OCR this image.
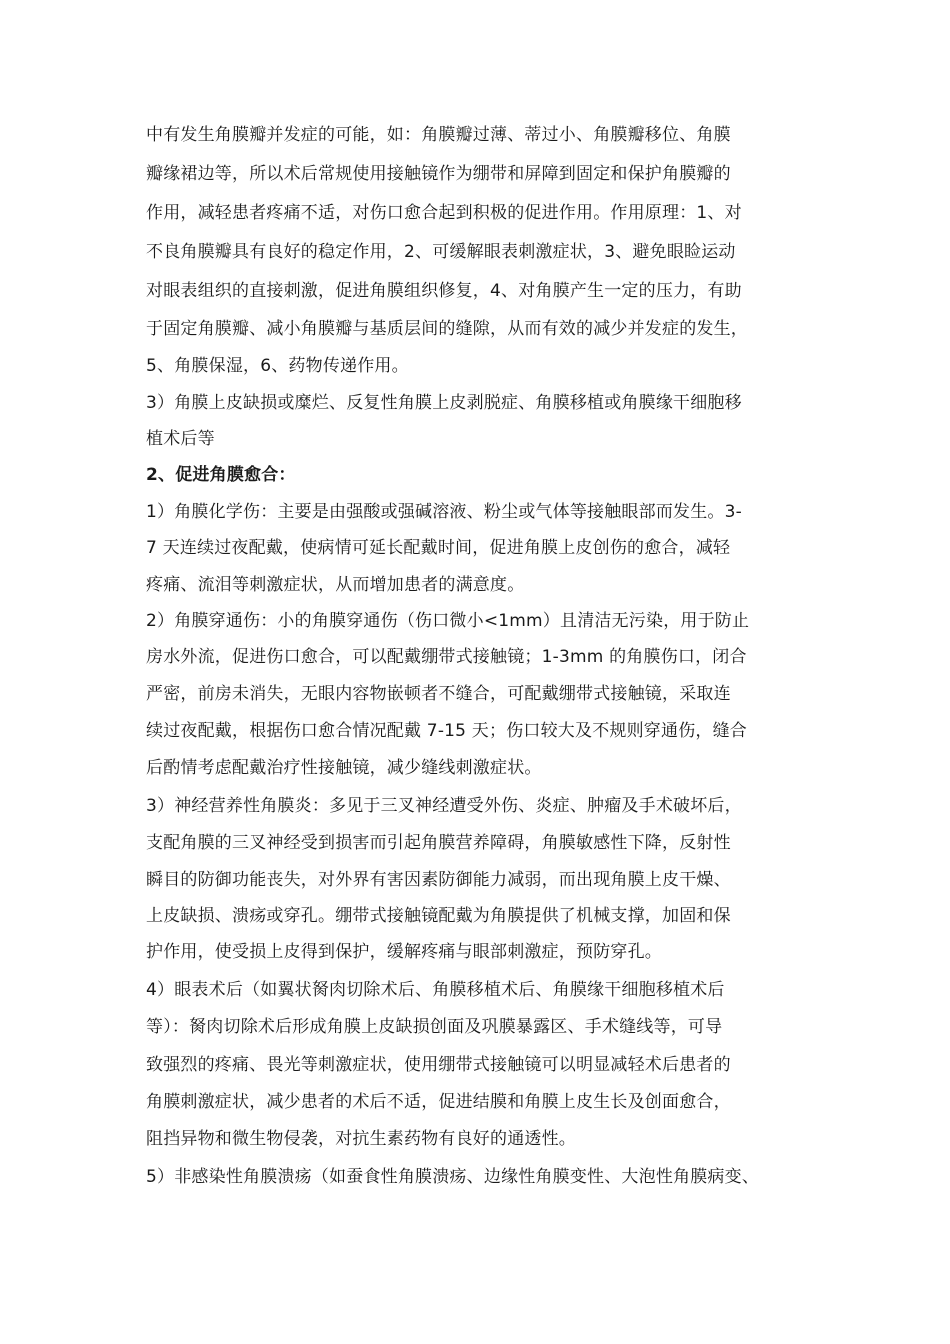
中有发生角膜瓣并发症的可能，如：角膜瓣过薄、蒂过小、角膜瓣移位、角膜
瓣缘裙边等，所以术后常规使用接触镜作为绷带和屏障到固定和保护角膜瓣的
作用，减轻患者疼痛不适，对伤口愈合起到积极的促进作用。作用原理：1、对
不良角膜瓣具有良好的稳定作用，2、可缓解眼表刺激症状，3、避免眼睑运动
对眼表组织的直接刺激，促进角膜组织修复，4、对角膜产生一定的压力，有助
于固定角膜瓣、减小角膜瓣与基质层间的缝隙，从而有效的减少并发症的发生，
5、角膜保湿，6、药物传递作用。
3）角膜上皮缺损或糜烂、反复性角膜上皮剥脱症、角膜移植或角膜缘干细胞移
植术后等
2、促进角膜愈合：
1）角膜化学伤：主要是由强酸或强碱溶液、粉尘或气体等接触眼部而发生。3-
7 天连续过夜配戴，使病情可延长配戴时间，促进角膜上皮创伤的愈合，减轻
疼痛、流泪等刺激症状，从而增加患者的满意度。
2）角膜穿通伤：小的角膜穿通伤（伤口微小<1mm）且清洁无污染，用于防止
房水外流，促进伤口愈合，可以配戴绷带式接触镜；1-3mm 的角膜伤口，闭合
严密，前房未消失，无眼内容物嵌顿者不缝合，可配戴绷带式接触镜，采取连
续过夜配戴，根据伤口愈合情况配戴 7-15 天；伤口较大及不规则穿通伤，缝合
后酌情考虑配戴治疗性接触镜，减少缝线刺激症状。
3）神经营养性角膜炎：多见于三叉神经遭受外伤、炎症、肿瘤及手术破坏后，
支配角膜的三叉神经受到损害而引起角膜营养障碍，角膜敏感性下降，反射性
瞬目的防御功能丧失，对外界有害因素防御能力减弱，而出现角膜上皮干燥、
上皮缺损、溃疡或穿孔。绷带式接触镜配戴为角膜提供了机械支撑，加固和保
护作用，使受损上皮得到保护，缓解疼痛与眼部刺激症，预防穿孔。
4）眼表术后（如翼状胬肉切除术后、角膜移植术后、角膜缘干细胞移植术后
等）：胬肉切除术后形成角膜上皮缺损创面及巩膜暴露区、手术缝线等，可导
致强烈的疼痛、畏光等刺激症状，使用绷带式接触镜可以明显减轻术后患者的
角膜刺激症状，减少患者的术后不适，促进结膜和角膜上皮生长及创面愈合，
阻挡异物和微生物侵袭，对抗生素药物有良好的通透性。
5）非感染性角膜溃疡（如蚕食性角膜溃疡、边缘性角膜变性、大泡性角膜病变、
